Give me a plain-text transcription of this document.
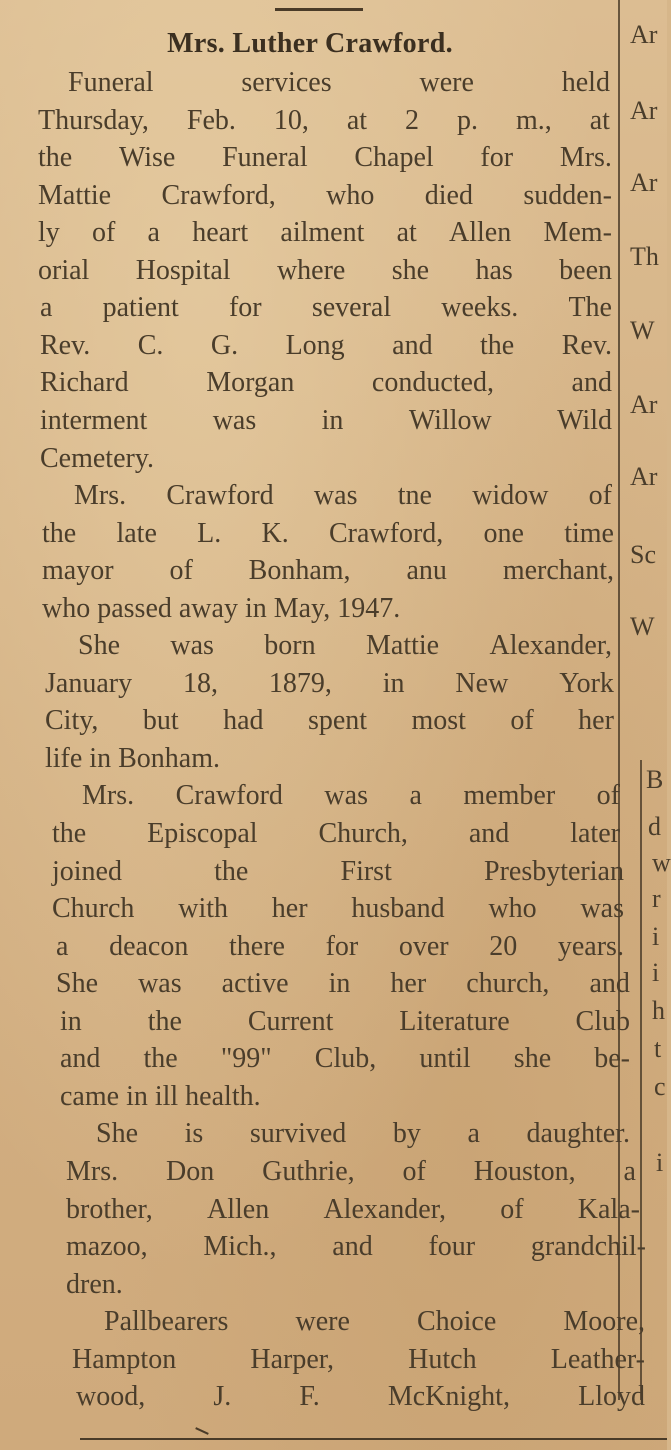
Mrs. Luther Crawford.
Funeral	services	were	held
Thursday, Feb. 10, at 2 p. m., at
the Wise Funeral Chapel for Mrs.
Mattie Crawford, who died sudden-
ly of a heart ailment at Allen Mem-
orial Hospital where she has been
a patient for several weeks. The
Rev. C. G. Long and the Rev.
Richard	Morgan	conducted,	and
interment was in Willow Wild
Cemetery.
Mrs. Crawford was tne widow of
the late L. K. Crawford, one time
mayor of Bonham, anu merchant,
who passed away in May, 1947.
She was born Mattie Alexander,
January 18, 1879, in New York
City, but had spent most of her
life in Bonham.
Mrs. Crawford was a member of
the Episcopal Church, and later
joined	the	First	Presbyterian
Church with her husband who was
a deacon there for over 20 years.
She was active in her church, and
in the Current Literature Club
and the "99" Club, until she be-
came in ill health.
She is survived by a daughter.
Mrs. Don Guthrie, of Houston, a
brother, Allen Alexander, of Kala-
mazoo, Mich., and four grandchil-
dren.
Pallbearers were Choice Moore,
Hampton	Harper,	Hutch	Leather-
wood, J. F. McKnight, Lloyd
Ar
Ar
Ar
Th
W
Ar
Ar
Sc
W
B
d
w
r
i
i
h
t
c
i
